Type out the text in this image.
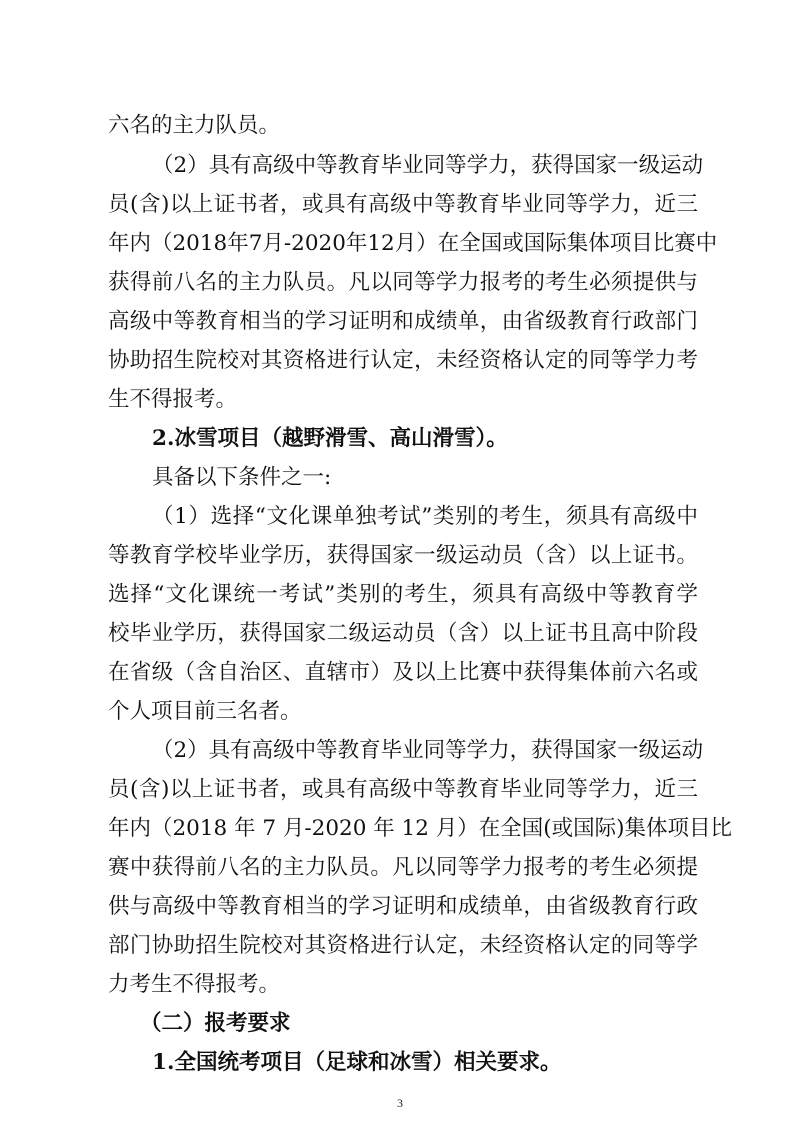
六名的主力队员。
（2）具有高级中等教育毕业同等学力，获得国家一级运动
员(含)以上证书者，或具有高级中等教育毕业同等学力，近三
年内（2018年7月-2020年12月）在全国或国际集体项目比赛中
获得前八名的主力队员。凡以同等学力报考的考生必须提供与
高级中等教育相当的学习证明和成绩单，由省级教育行政部门
协助招生院校对其资格进行认定，未经资格认定的同等学力考
生不得报考。
2.冰雪项目（越野滑雪、高山滑雪）。
具备以下条件之一:
（1）选择“文化课单独考试”类别的考生，须具有高级中
等教育学校毕业学历，获得国家一级运动员（含）以上证书。
选择“文化课统一考试”类别的考生，须具有高级中等教育学
校毕业学历，获得国家二级运动员（含）以上证书且高中阶段
在省级（含自治区、直辖市）及以上比赛中获得集体前六名或
个人项目前三名者。
（2）具有高级中等教育毕业同等学力，获得国家一级运动
员(含)以上证书者，或具有高级中等教育毕业同等学力，近三
年内（2018 年 7 月-2020 年 12 月）在全国(或国际)集体项目比
赛中获得前八名的主力队员。凡以同等学力报考的考生必须提
供与高级中等教育相当的学习证明和成绩单，由省级教育行政
部门协助招生院校对其资格进行认定，未经资格认定的同等学
力考生不得报考。
（二）报考要求
1.全国统考项目（足球和冰雪）相关要求。
3
